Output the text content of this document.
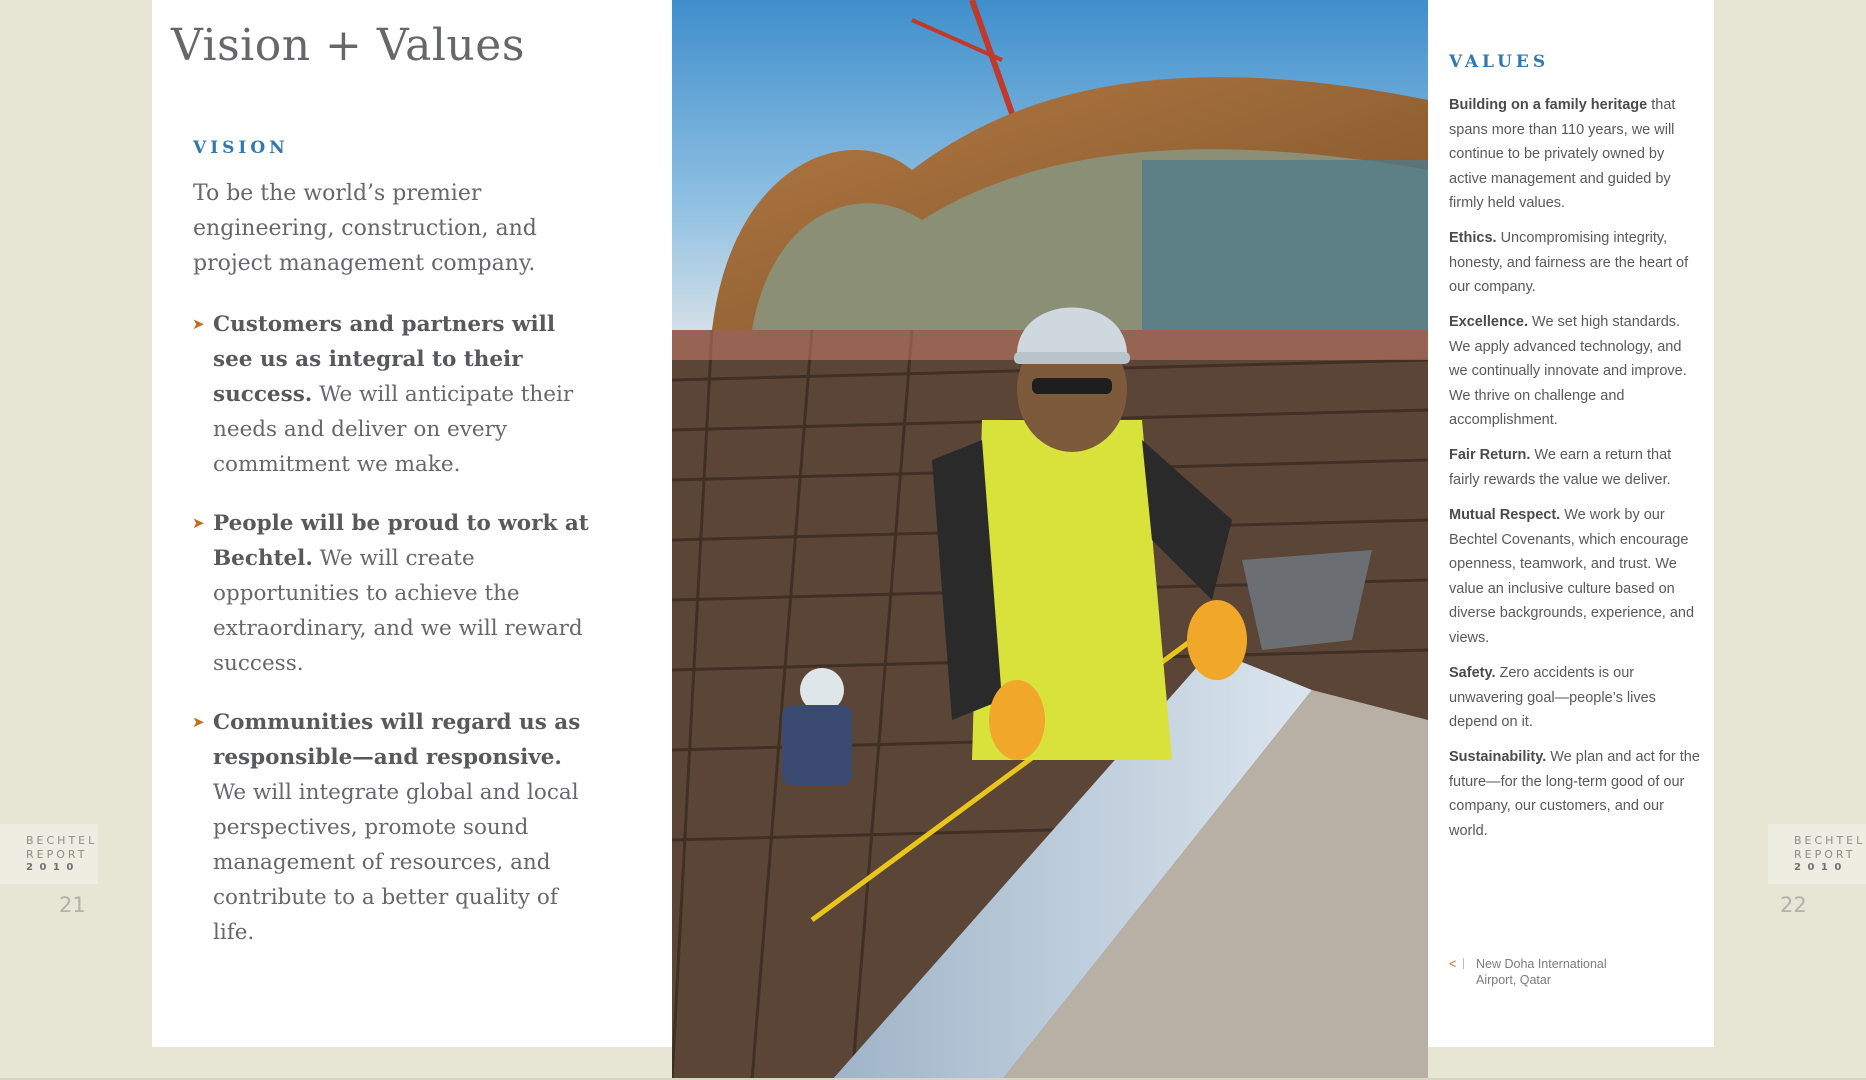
Vision + Values
VISION

To be the world’s premier engineering, construction, and project management company.

➤ Customers and partners will see us as integral to their success. We will anticipate their needs and deliver on every commitment we make.

➤ People will be proud to work at Bechtel. We will create opportunities to achieve the extraordinary, and we will reward success.

➤ Communities will regard us as responsible—and responsive. We will integrate global and local perspectives, promote sound management of resources, and contribute to a better quality of life.

VALUES

Building on a family heritage that spans more than 110 years, we will continue to be privately owned by active management and guided by firmly held values.

Ethics. Uncompromising integrity, honesty, and fairness are the heart of our company.

Excellence. We set high standards. We apply advanced technology, and we continually innovate and improve. We thrive on challenge and accomplishment.

Fair Return. We earn a return that fairly rewards the value we deliver.

Mutual Respect. We work by our Bechtel Covenants, which encourage openness, teamwork, and trust. We value an inclusive culture based on diverse backgrounds, experience, and views.

Safety. Zero accidents is our unwavering goal—people’s lives depend on it.

Sustainability. We plan and act for the future—for the long-term good of our company, our customers, and our world.

< New Doha International Airport, Qatar
BECHTEL
REPORT
2010
BECHTEL
REPORT
2010
21	22
